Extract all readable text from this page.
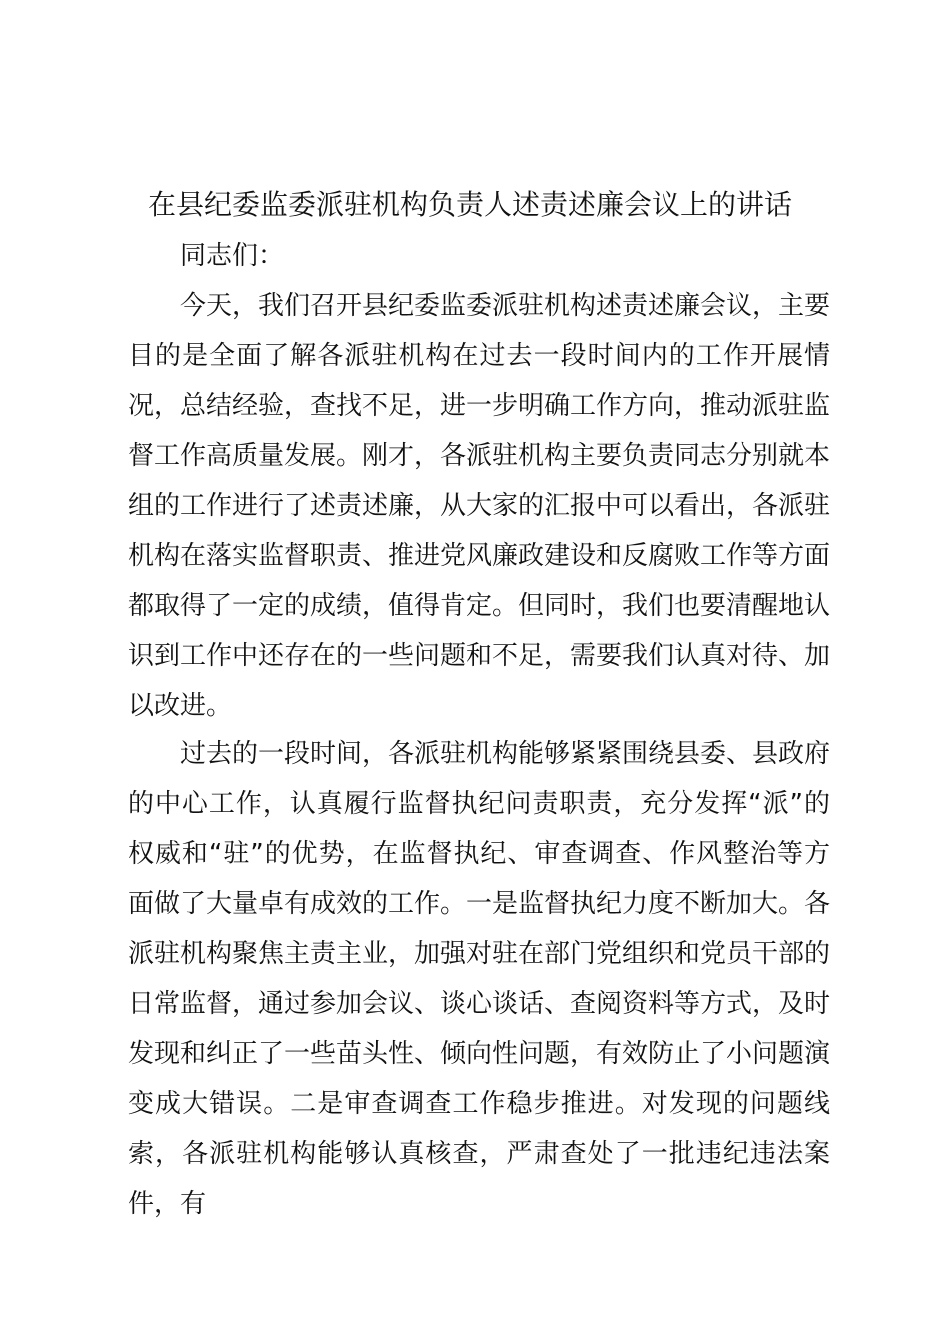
在县纪委监委派驻机构负责人述责述廉会议上的讲话
同志们：

今天，我们召开县纪委监委派驻机构述责述廉会议，主要目的是全面了解各派驻机构在过去一段时间内的工作开展情况，总结经验，查找不足，进一步明确工作方向，推动派驻监督工作高质量发展。刚才，各派驻机构主要负责同志分别就本组的工作进行了述责述廉，从大家的汇报中可以看出，各派驻机构在落实监督职责、推进党风廉政建设和反腐败工作等方面都取得了一定的成绩，值得肯定。但同时，我们也要清醒地认识到工作中还存在的一些问题和不足，需要我们认真对待、加以改进。

过去的一段时间，各派驻机构能够紧紧围绕县委、县政府的中心工作，认真履行监督执纪问责职责，充分发挥“派”的权威和“驻”的优势，在监督执纪、审查调查、作风整治等方面做了大量卓有成效的工作。一是监督执纪力度不断加大。各派驻机构聚焦主责主业，加强对驻在部门党组织和党员干部的日常监督，通过参加会议、谈心谈话、查阅资料等方式，及时发现和纠正了一些苗头性、倾向性问题，有效防止了小问题演变成大错误。二是审查调查工作稳步推进。对发现的问题线索，各派驻机构能够认真核查，严肃查处了一批违纪违法案件，有
